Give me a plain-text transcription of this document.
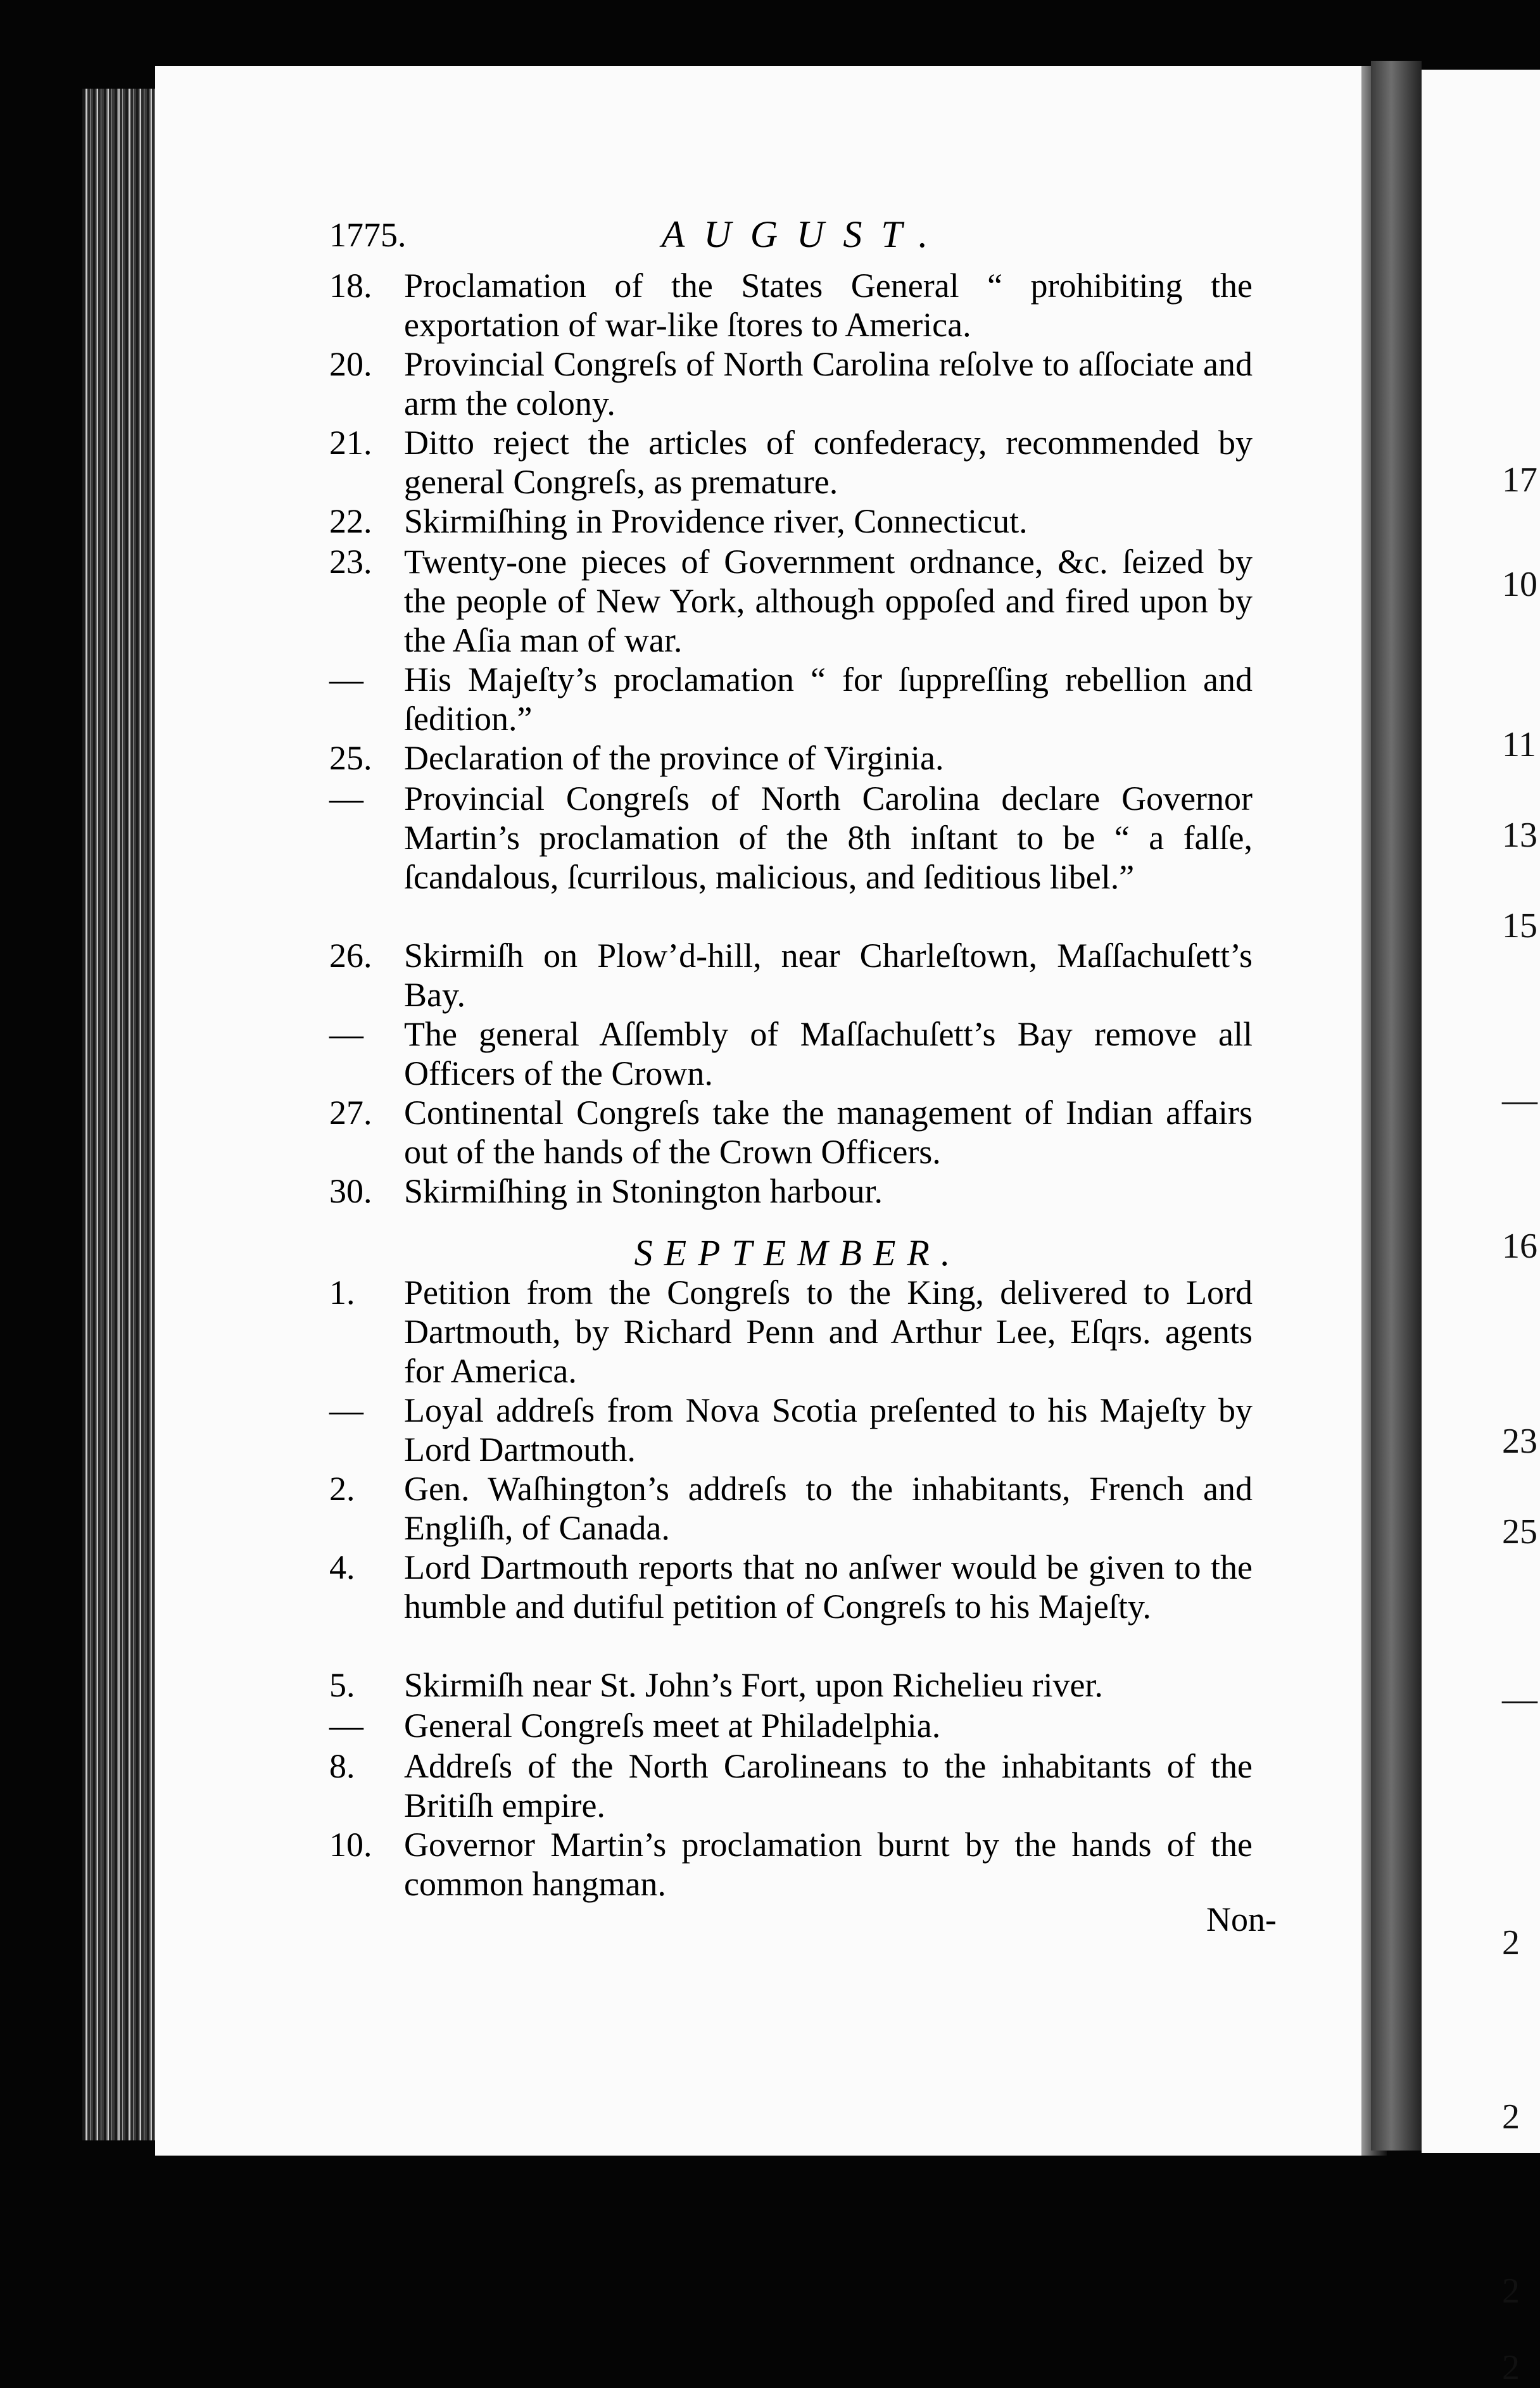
17
10
11
13
15
—
16
23
25
—
2
2
2
2
1775.	AUGUST.
18. Proclamation of the States General “ prohibiting the exportation of war-like ſtores to America.
20. Provincial Congreſs of North Carolina reſolve to aſſociate and arm the colony.
21. Ditto reject the articles of confederacy, recommended by general Congreſs, as premature.
22. Skirmiſhing in Providence river, Connecticut.
23. Twenty-one pieces of Government ordnance, &c. ſeized by the people of New York, although oppoſed and fired upon by the Aſia man of war.
—	His Majeſty’s proclamation “ for ſuppreſſing rebellion and ſedition.”
25. Declaration of the province of Virginia.
—	Provincial Congreſs of North Carolina declare Governor Martin’s proclamation of the 8th inſtant to be “ a falſe, ſcandalous, ſcurrilous, malicious, and ſeditious libel.”
26. Skirmiſh on Plow’d-hill, near Charleſtown, Maſſachuſett’s Bay.
—	The general Aſſembly of Maſſachuſett’s Bay remove all Officers of the Crown.
27. Continental Congreſs take the management of Indian affairs out of the hands of the Crown Officers.
30. Skirmiſhing in Stonington harbour.
SEPTEMBER.
1.	Petition from the Congreſs to the King, delivered to Lord Dartmouth, by Richard Penn and Arthur Lee, Eſqrs. agents for America.
—	Loyal addreſs from Nova Scotia preſented to his Majeſty by Lord Dartmouth.
2.	Gen. Waſhington’s addreſs to the inhabitants, French and Engliſh, of Canada.
4.	Lord Dartmouth reports that no anſwer would be given to the humble and dutiful petition of Congreſs to his Majeſty.
5.	Skirmiſh near St. John’s Fort, upon Richelieu river.
—	General Congreſs meet at Philadelphia.
8.	Addreſs of the North Carolineans to the inhabitants of the Britiſh empire.
10. Governor Martin’s proclamation burnt by the hands of the common hangman.
Non-
